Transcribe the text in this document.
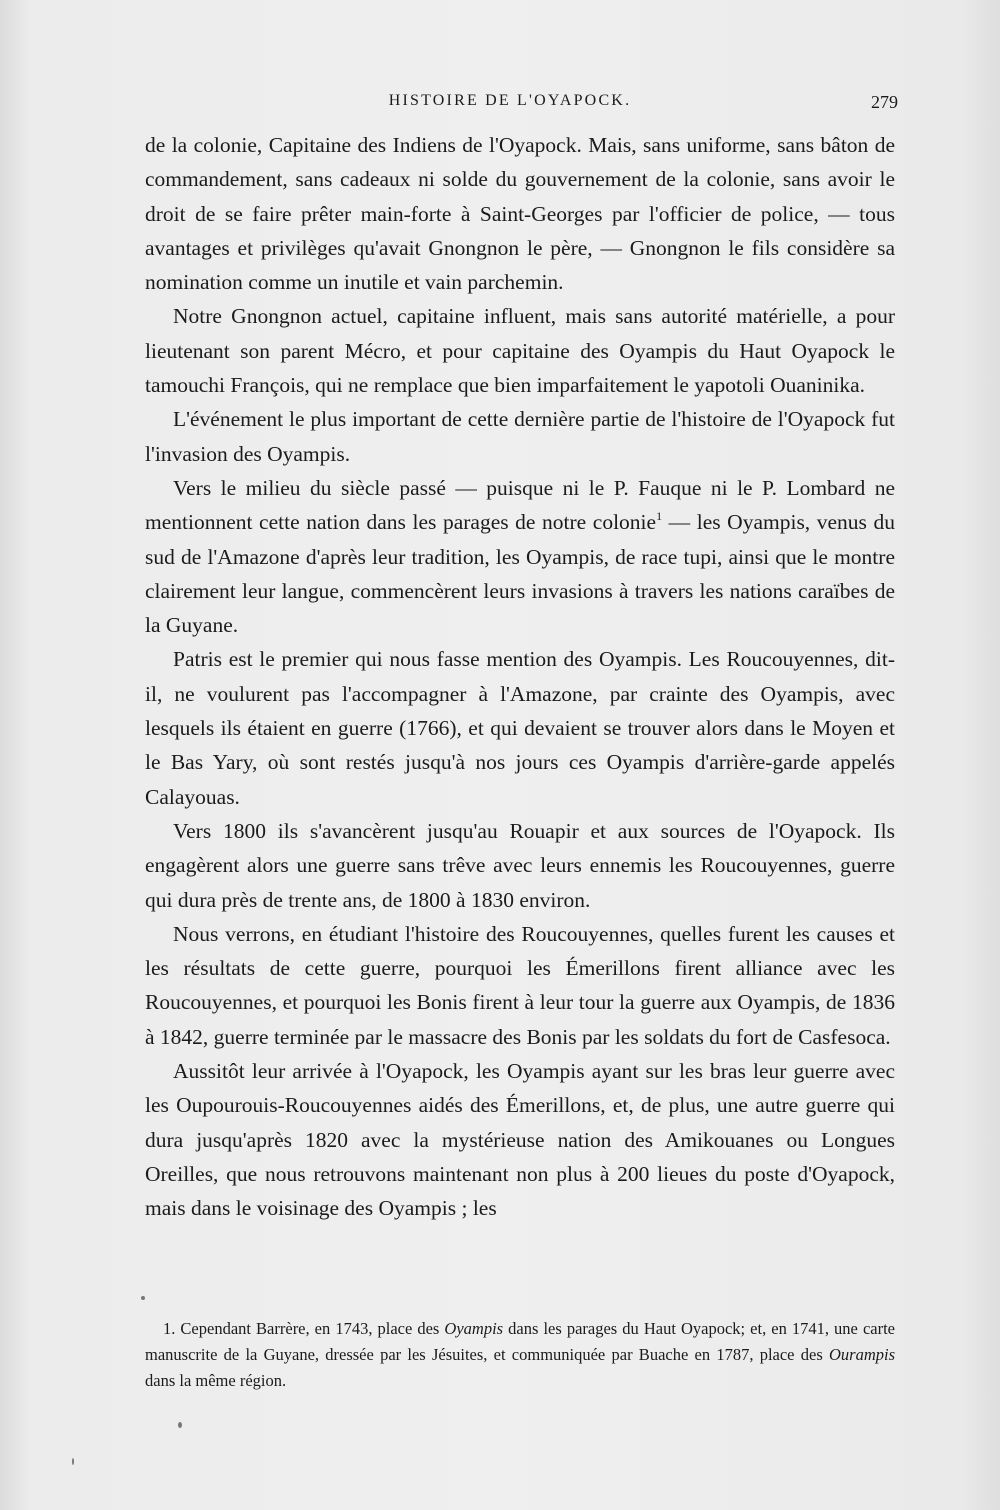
HISTOIRE DE L'OYAPOCK.	279

de la colonie, Capitaine des Indiens de l'Oyapock. Mais, sans uniforme, sans bâton de commandement, sans cadeaux ni solde du gouvernement de la colonie, sans avoir le droit de se faire prêter main-forte à Saint-Georges par l'officier de police, — tous avantages et privilèges qu'avait Gnongnon le père, — Gnongnon le fils considère sa nomination comme un inutile et vain parchemin.

Notre Gnongnon actuel, capitaine influent, mais sans autorité matérielle, a pour lieutenant son parent Mécro, et pour capitaine des Oyampis du Haut Oyapock le tamouchi François, qui ne remplace que bien imparfaitement le yapotoli Ouaninika.

L'événement le plus important de cette dernière partie de l'histoire de l'Oyapock fut l'invasion des Oyampis.

Vers le milieu du siècle passé — puisque ni le P. Fauque ni le P. Lombard ne mentionnent cette nation dans les parages de notre colonie$^1$ — les Oyampis, venus du sud de l'Amazone d'après leur tradition, les Oyampis, de race tupi, ainsi que le montre clairement leur langue, commencèrent leurs invasions à travers les nations caraïbes de la Guyane.

Patris est le premier qui nous fasse mention des Oyampis. Les Roucouyennes, dit-il, ne voulurent pas l'accompagner à l'Amazone, par crainte des Oyampis, avec lesquels ils étaient en guerre (1766), et qui devaient se trouver alors dans le Moyen et le Bas Yary, où sont restés jusqu'à nos jours ces Oyampis d'arrière-garde appelés Calayouas.

Vers 1800 ils s'avancèrent jusqu'au Rouapir et aux sources de l'Oyapock. Ils engagèrent alors une guerre sans trêve avec leurs ennemis les Roucouyennes, guerre qui dura près de trente ans, de 1800 à 1830 environ.

Nous verrons, en étudiant l'histoire des Roucouyennes, quelles furent les causes et les résultats de cette guerre, pourquoi les Émerillons firent alliance avec les Roucouyennes, et pourquoi les Bonis firent à leur tour la guerre aux Oyampis, de 1836 à 1842, guerre terminée par le massacre des Bonis par les soldats du fort de Casfesoca.

Aussitôt leur arrivée à l'Oyapock, les Oyampis ayant sur les bras leur guerre avec les Oupourouis-Roucouyennes aidés des Émerillons, et, de plus, une autre guerre qui dura jusqu'après 1820 avec la mystérieuse nation des Amikouanes ou Longues Oreilles, que nous retrouvons maintenant non plus à 200 lieues du poste d'Oyapock, mais dans le voisinage des Oyampis ; les

1. Cependant Barrère, en 1743, place des Oyampis dans les parages du Haut Oyapock; et, en 1741, une carte manuscrite de la Guyane, dressée par les Jésuites, et communiquée par Buache en 1787, place des Ourampis dans la même région.
